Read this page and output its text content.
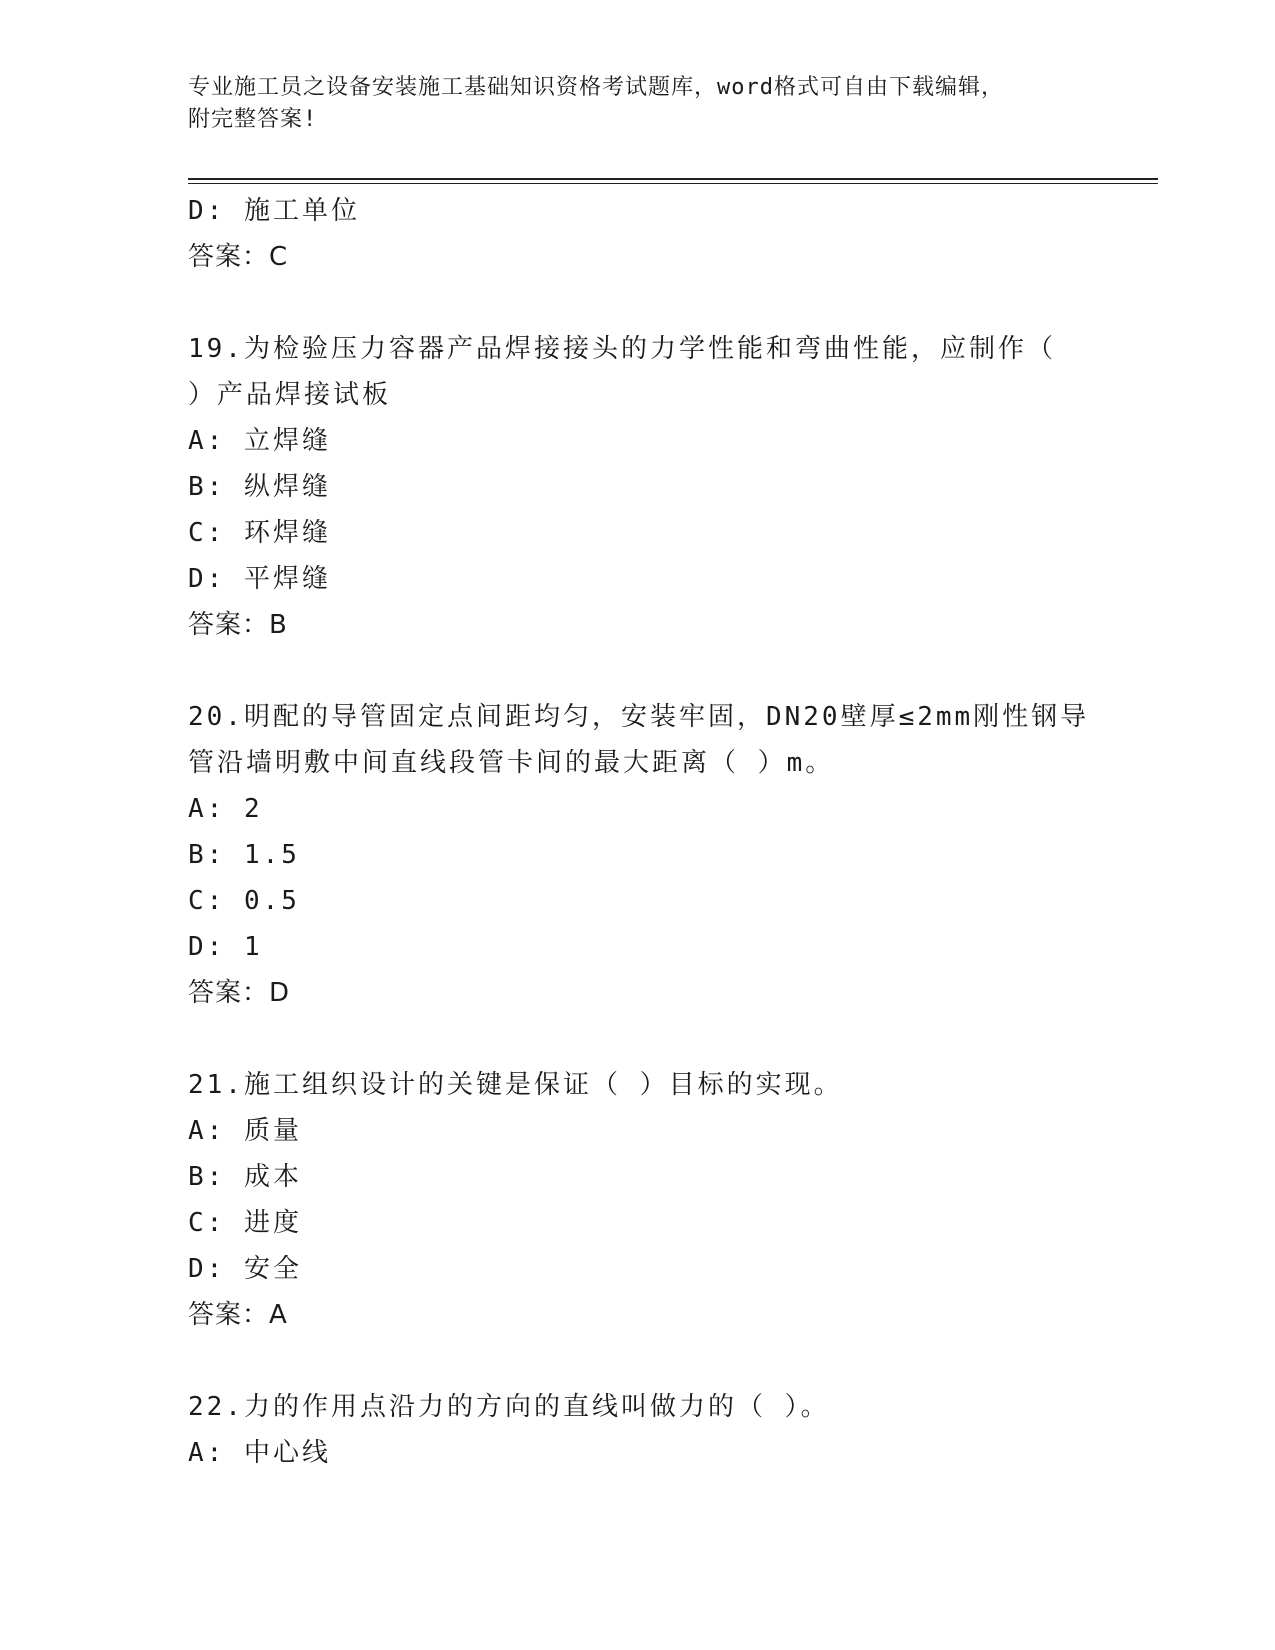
专业施工员之设备安装施工基础知识资格考试题库，word格式可自由下载编辑，
附完整答案!
D: 施工单位
答案：C
19.为检验压力容器产品焊接接头的力学性能和弯曲性能，应制作（
）产品焊接试板
A: 立焊缝
B: 纵焊缝
C: 环焊缝
D: 平焊缝
答案：B
20.明配的导管固定点间距均匀，安装牢固，DN20壁厚≤2mm刚性钢导
管沿墙明敷中间直线段管卡间的最大距离（ ）m。
A: 2
B: 1.5
C: 0.5
D: 1
答案：D
21.施工组织设计的关键是保证（ ）目标的实现。
A: 质量
B: 成本
C: 进度
D: 安全
答案：A
22.力的作用点沿力的方向的直线叫做力的（ ）。
A: 中心线
